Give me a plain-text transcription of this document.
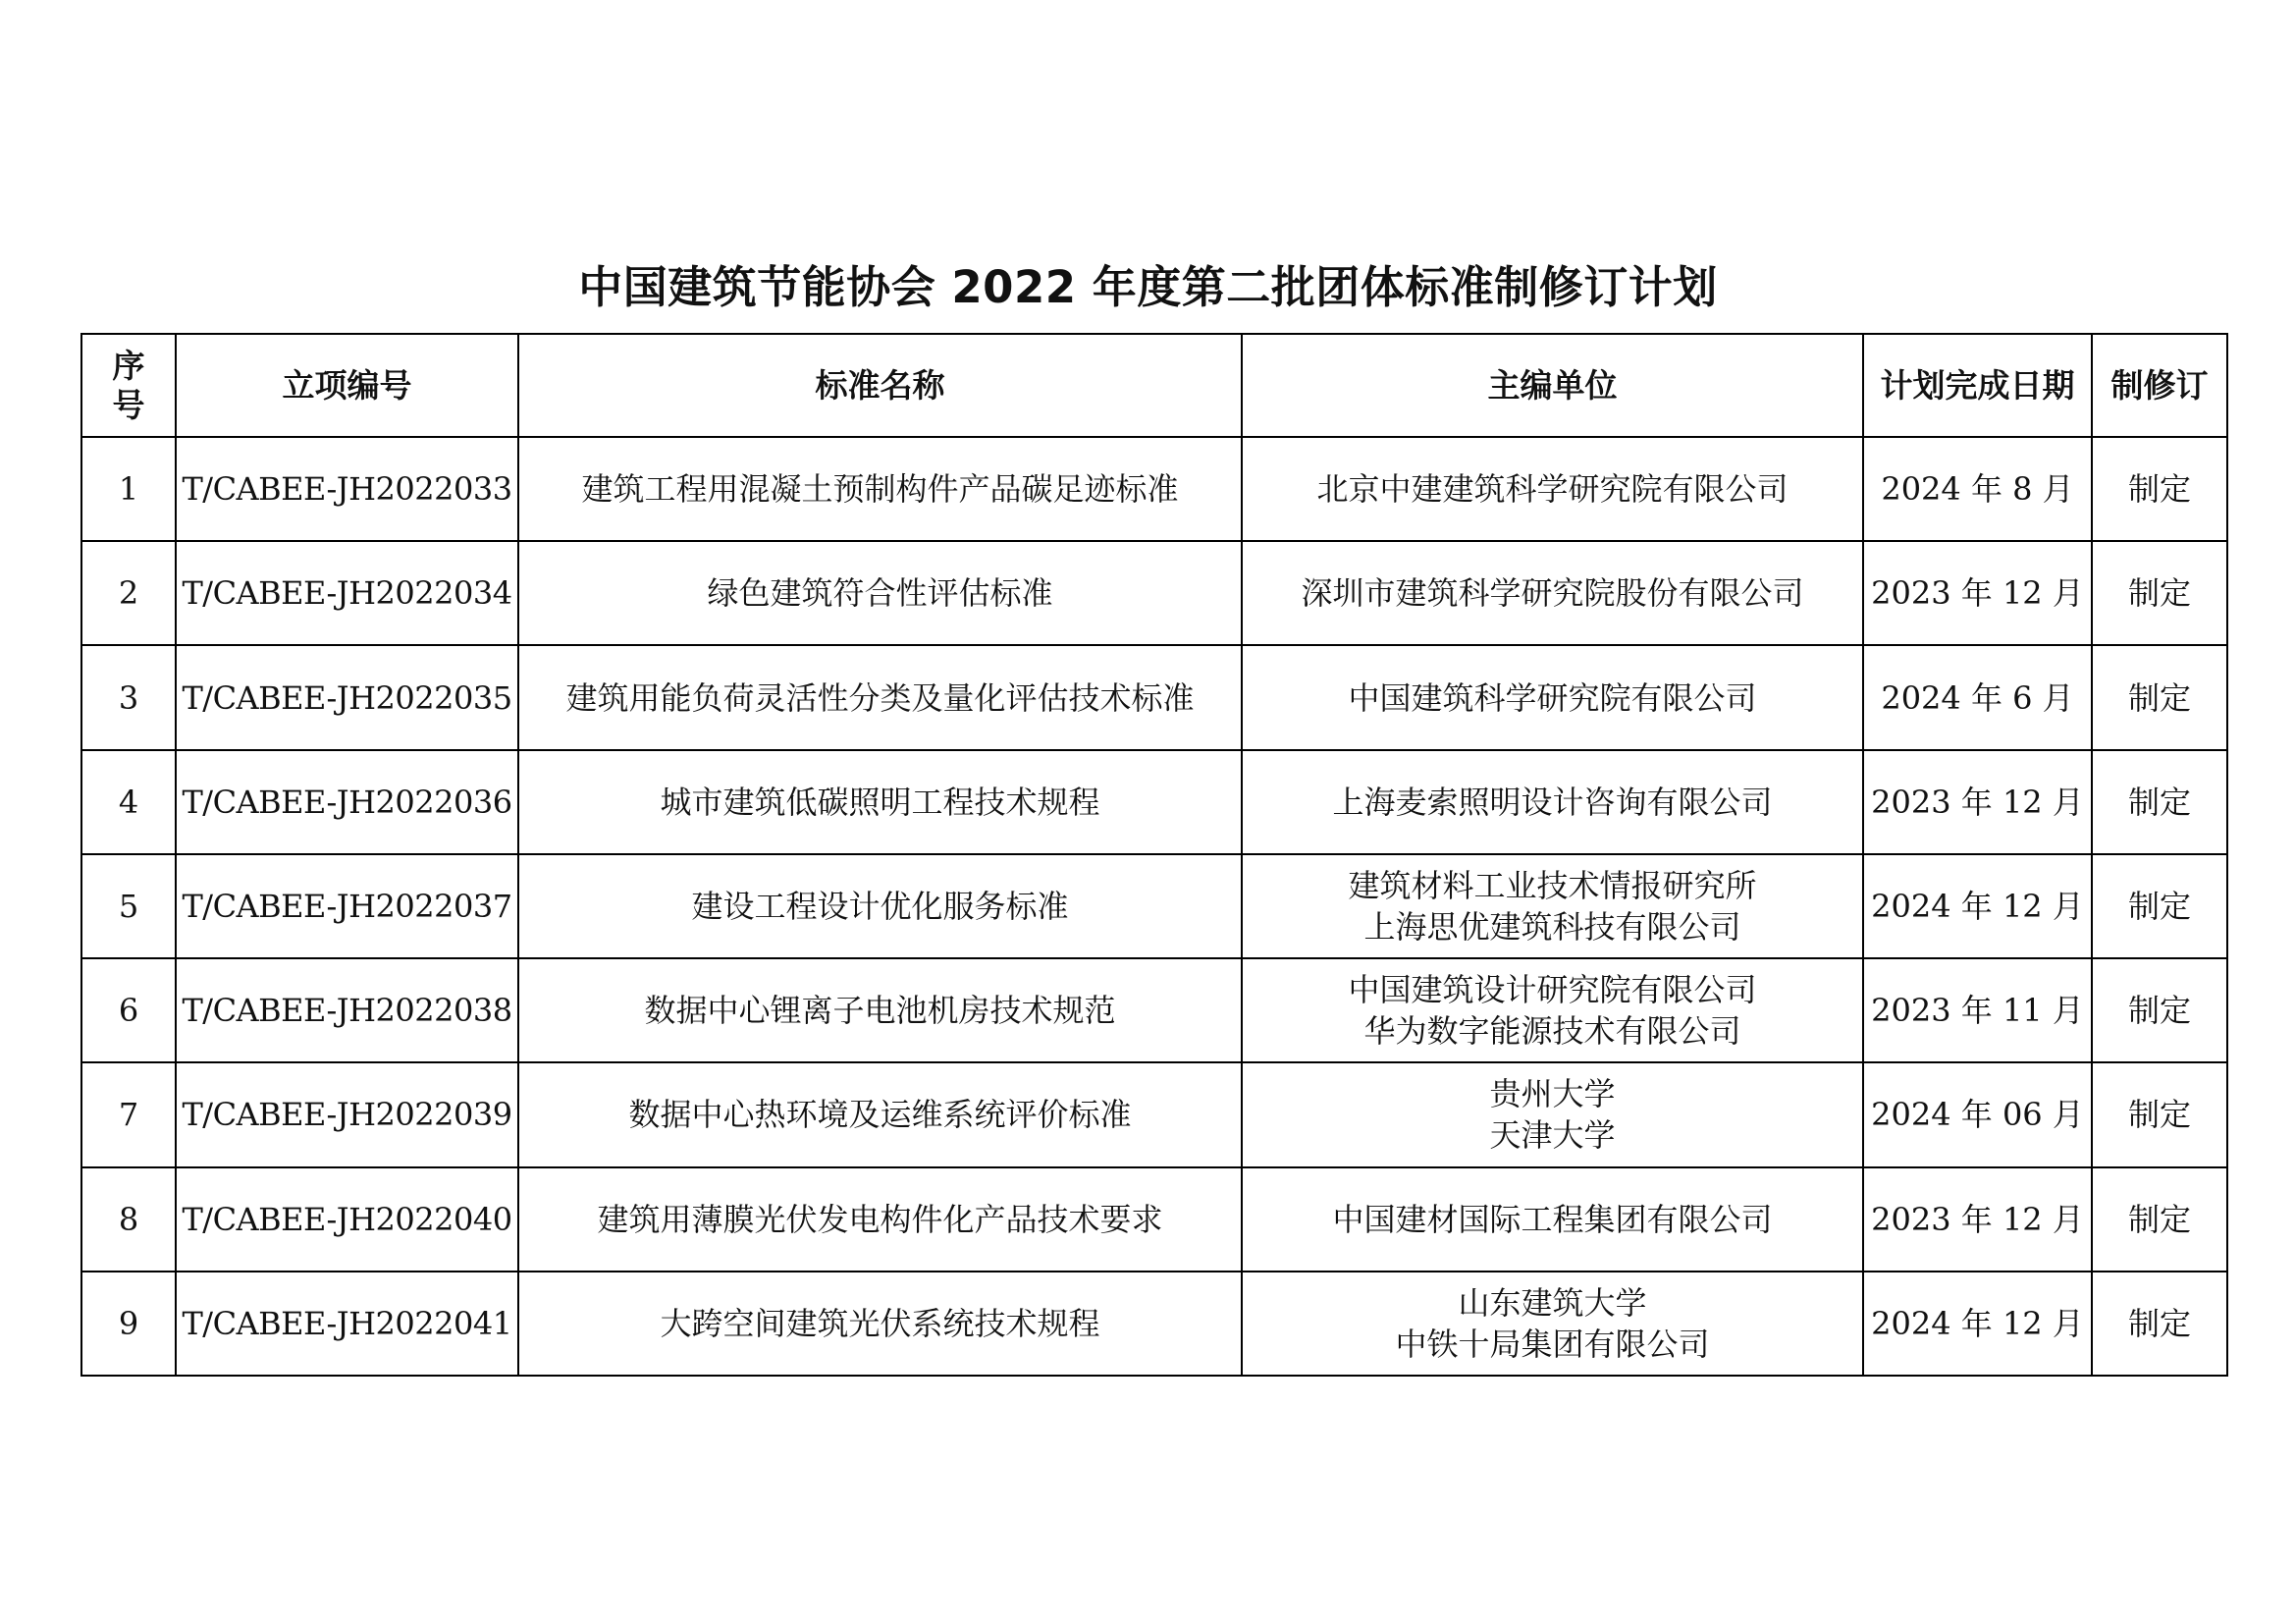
中国建筑节能协会 2022 年度第二批团体标准制修订计划
序
号	立项编号	标准名称	主编单位	计划完成日期	制修订
1	T/CABEE-JH2022033	建筑工程用混凝土预制构件产品碳足迹标准	北京中建建筑科学研究院有限公司	2024 年 8 月	制定
2	T/CABEE-JH2022034	绿色建筑符合性评估标准	深圳市建筑科学研究院股份有限公司	2023 年 12 月	制定
3	T/CABEE-JH2022035	建筑用能负荷灵活性分类及量化评估技术标准	中国建筑科学研究院有限公司	2024 年 6 月	制定
4	T/CABEE-JH2022036	城市建筑低碳照明工程技术规程	上海麦索照明设计咨询有限公司	2023 年 12 月	制定
5	T/CABEE-JH2022037	建设工程设计优化服务标准	建筑材料工业技术情报研究所
上海思优建筑科技有限公司	2024 年 12 月	制定
6	T/CABEE-JH2022038	数据中心锂离子电池机房技术规范	中国建筑设计研究院有限公司
华为数字能源技术有限公司	2023 年 11 月	制定
7	T/CABEE-JH2022039	数据中心热环境及运维系统评价标准	贵州大学
天津大学	2024 年 06 月	制定
8	T/CABEE-JH2022040	建筑用薄膜光伏发电构件化产品技术要求	中国建材国际工程集团有限公司	2023 年 12 月	制定
9	T/CABEE-JH2022041	大跨空间建筑光伏系统技术规程	山东建筑大学
中铁十局集团有限公司	2024 年 12 月	制定
